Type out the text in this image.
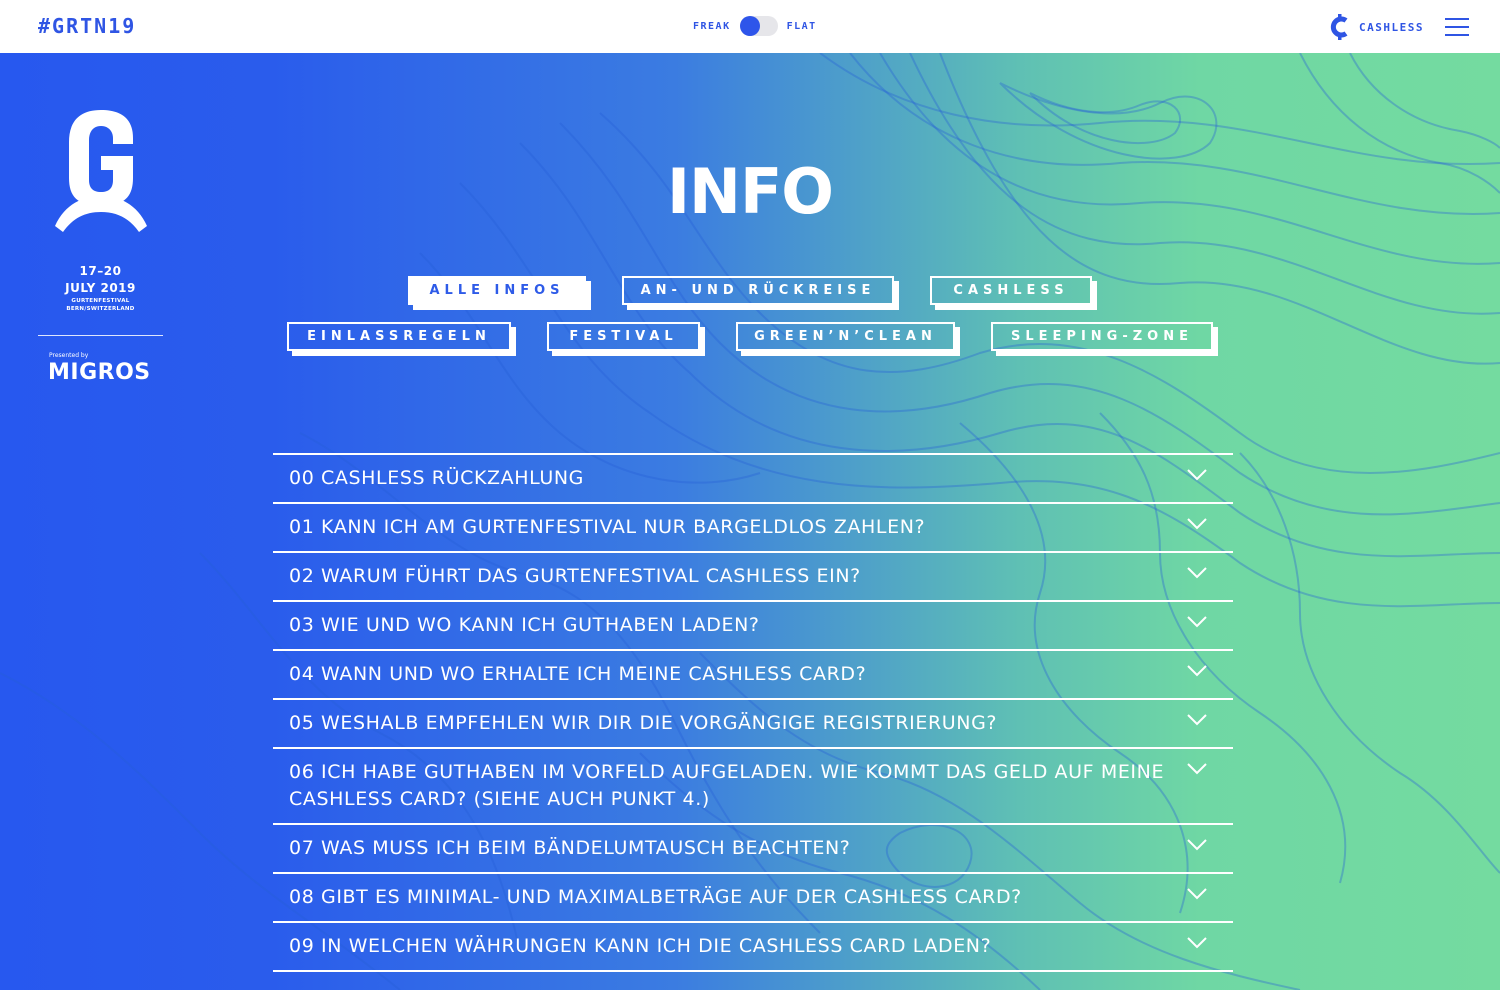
#GRTN19	FREAK	FLAT	CASHLESS
17–20
JULY 2019
GURTENFESTIVAL
BERN/SWITZERLAND
Presented by
MIGROS
INFO
ALLE INFOS	AN- UND RÜCKREISE	CASHLESS
EINLASSREGELN	FESTIVAL	GREEN’N’CLEAN	SLEEPING-ZONE
00 CASHLESS RÜCKZAHLUNG
01 KANN ICH AM GURTENFESTIVAL NUR BARGELDLOS ZAHLEN?
02 WARUM FÜHRT DAS GURTENFESTIVAL CASHLESS EIN?
03 WIE UND WO KANN ICH GUTHABEN LADEN?
04 WANN UND WO ERHALTE ICH MEINE CASHLESS CARD?
05 WESHALB EMPFEHLEN WIR DIR DIE VORGÄNGIGE REGISTRIERUNG?
06 ICH HABE GUTHABEN IM VORFELD AUFGELADEN. WIE KOMMT DAS GELD AUF MEINE CASHLESS CARD? (SIEHE AUCH PUNKT 4.)
07 WAS MUSS ICH BEIM BÄNDELUMTAUSCH BEACHTEN?
08 GIBT ES MINIMAL- UND MAXIMALBETRÄGE AUF DER CASHLESS CARD?
09 IN WELCHEN WÄHRUNGEN KANN ICH DIE CASHLESS CARD LADEN?
